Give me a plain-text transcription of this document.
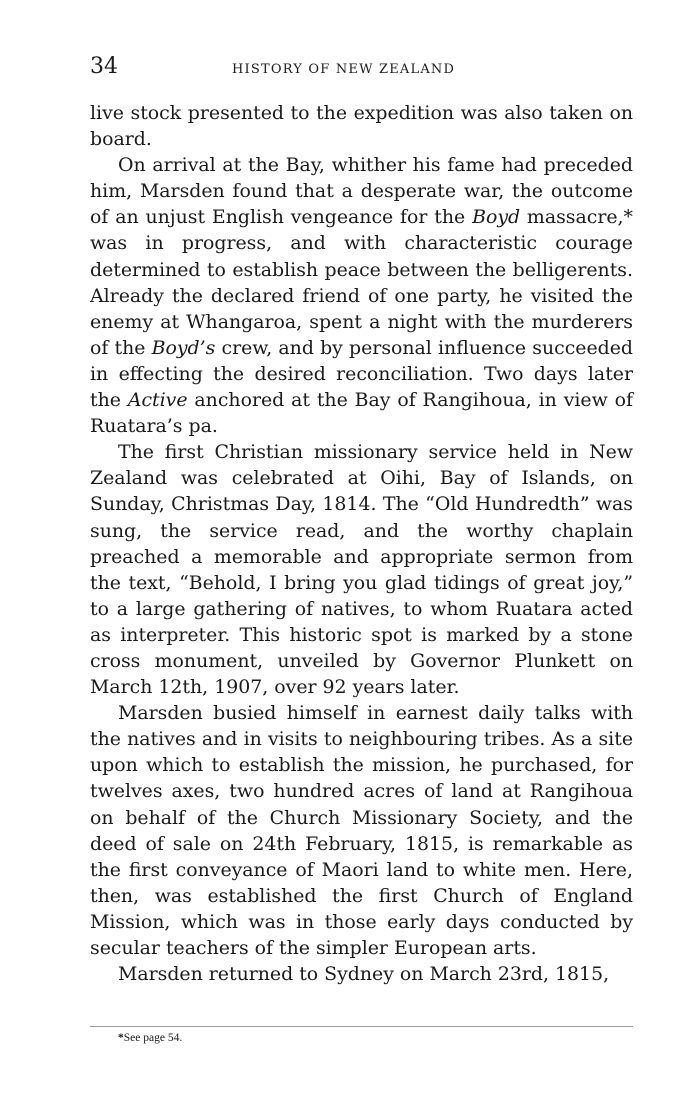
34	HISTORY OF NEW ZEALAND

live stock presented to the expedition was also taken on board.

On arrival at the Bay, whither his fame had preceded him, Marsden found that a desperate war, the outcome of an unjust English vengeance for the Boyd massacre,* was in progress, and with characteristic courage determined to establish peace between the belligerents. Already the declared friend of one party, he visited the enemy at Whangaroa, spent a night with the murderers of the Boyd’s crew, and by personal influence succeeded in effecting the desired reconciliation. Two days later the Active anchored at the Bay of Rangihoua, in view of Ruatara’s pa.

The first Christian missionary service held in New Zealand was celebrated at Oihi, Bay of Islands, on Sunday, Christmas Day, 1814. The “Old Hundredth” was sung, the service read, and the worthy chaplain preached a memorable and appropriate sermon from the text, “Behold, I bring you glad tidings of great joy,” to a large gathering of natives, to whom Ruatara acted as interpreter. This historic spot is marked by a stone cross monument, unveiled by Governor Plunkett on March 12th, 1907, over 92 years later.

Marsden busied himself in earnest daily talks with the natives and in visits to neighbouring tribes. As a site upon which to establish the mission, he purchased, for twelves axes, two hundred acres of land at Rangihoua on behalf of the Church Missionary Society, and the deed of sale on 24th February, 1815, is remarkable as the first conveyance of Maori land to white men. Here, then, was established the first Church of England Mission, which was in those early days conducted by secular teachers of the simpler European arts.

Marsden returned to Sydney on March 23rd, 1815,

*See page 54.
